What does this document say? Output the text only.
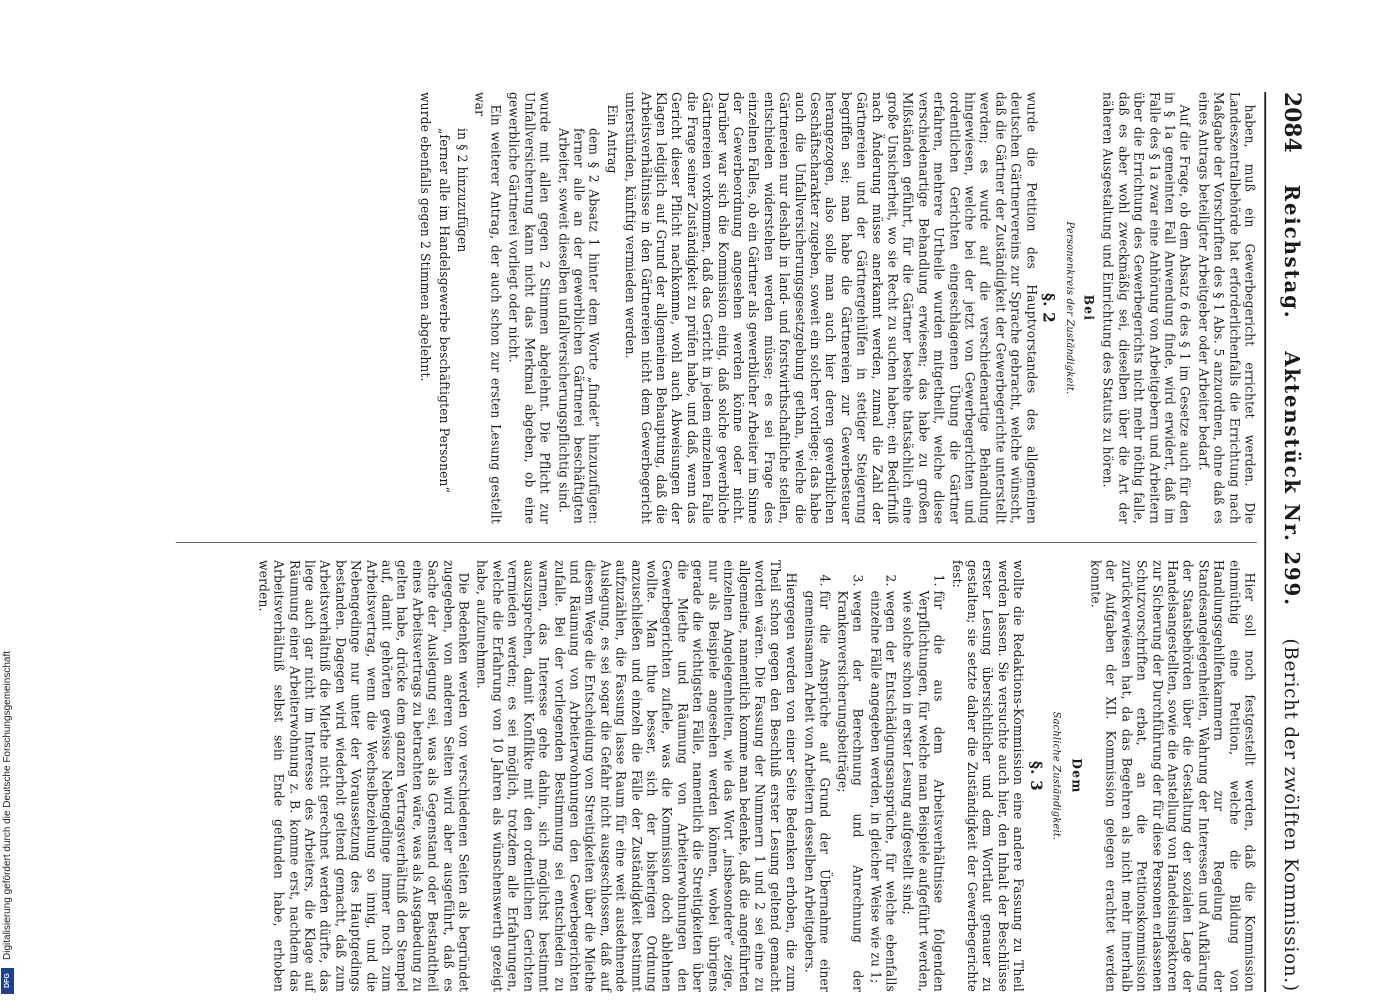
Digitalisierung gefördert durch die Deutsche Forschungsgemeinschaft
DFG
2084
Reichstag.
Aktenstück Nr. 299.
(Bericht der zwölften Kommission.)

haben, muß ein Gewerbegericht errichtet werden. Die Landeszentralbehörde hat erforderlichenfalls die Errichtung nach Maßgabe der Vorschriften des § 1 Abs. 5 anzuordnen, ohne daß es eines Antrags beteiligter Arbeitgeber oder Arbeiter bedarf.

Auf die Frage, ob dem Absatz 6 des § 1 im Gesetze auch für den in § 1a gemeinten Fall Anwendung finde, wird erwidert, daß im Falle des § 1a zwar eine Anhörung von Arbeitgebern und Arbeitern über die Errichtung des Gewerbegerichts nicht mehr nöthig falle, daß es aber wohl zweckmäßig sei, dieselben über die Art der näheren Ausgestaltung und Einrichtung des Statuts zu hören.

Bei

Personenkreis der Zuständigkeit.

§. 2

wurde die Petition des Hauptvorstandes des allgemeinen deutschen Gärtnervereins zur Sprache gebracht, welche wünscht, daß die Gärtner der Zuständigkeit der Gewerbegerichte unterstellt werden; es wurde auf die verschiedenartige Behandlung hingewiesen, welche bei der jetzt von Gewerbegerichten und ordentlichen Gerichten eingeschlagenen Übung die Gärtner erfahren, mehrere Urtheile wurden mitgetheilt, welche diese verschiedenartige Behandlung erwiesen; das habe zu großen Mißständen geführt, für die Gärtner bestehe thatsächlich eine große Unsicherheit, wo sie Recht zu suchen haben; ein Bedürfniß nach Änderung müsse anerkannt werden, zumal die Zahl der Gärtnereien und der Gärtnergehülfen in stetiger Steigerung begriffen sei; man habe die Gärtnereien zur Gewerbesteuer herangezogen, also solle man auch hier deren gewerblichen Geschäftscharakter zugeben, soweit ein solcher vorliege; das habe auch die Unfallversicherungsgesetzgebung gethan, welche die Gärtnereien nur deshalb in land- und forstwirthschaftliche stellen, entschieden widerstehen werden müsse; es sei Frage des einzelnen Falles, ob ein Gärtner als gewerblicher Arbeiter im Sinne der Gewerbeordnung angesehen werden könne oder nicht. Darüber war sich die Kommission einig, daß solche gewerbliche Gärtnereien vorkommen, daß das Gericht in jedem einzelnen Falle die Frage seiner Zuständigkeit zu prüfen habe, und daß, wenn das Gericht dieser Pflicht nachkomme, wohl auch Abweisungen der Klagen lediglich auf Grund der allgemeinen Behauptung, daß die Arbeitsverhältnisse in den Gärtnereien nicht dem Gewerbegericht unterstünden, künftig vermieden werden.

Ein Antrag

dem § 2 Absatz 1 hinter dem Worte „findet“ hinzuzufügen: ferner alle an der gewerblichen Gärtnerei beschäftigten Arbeiter, soweit dieselben unfallversicherungspflichtig sind.

wurde mit allen gegen 2 Stimmen abgelehnt. Die Pflicht zur Unfallversicherung kann nicht das Merkmal abgeben, ob eine gewerbliche Gärtnerei vorliegt oder nicht.

Ein weiterer Antrag, der auch schon zur ersten Lesung gestellt war

in § 2 hinzuzufügen

„ferner alle im Handelsgewerbe beschäftigten Personen“

wurde ebenfalls gegen 2 Stimmen abgelehnt.

Hier soll noch festgestellt werden, daß die Kommission einmüthig eine Petition, welche die Bildung von Handlungsgehilfenkammern zur Regelung der Standesangelegenheiten, Wahrung der Interessen und Aufklärung der Staatsbehörden über die Gestaltung der sozialen Lage der Handelsangestellten, sowie die Anstellung von Handelsinspektoren zur Sicherung der Durchführung der für diese Personen erlassenen Schutzvorschriften erbat, an die Petitionskommission zurückverwiesen hat, da das Begehren als nicht mehr innerhalb der Aufgaben der XII. Kommission gelegen erachtet werden konnte.

Dem

Sachliche Zuständigkeit.

§. 3

wollte die Redaktions-Kommission eine andere Fassung zu Theil werden lassen. Sie versuchte auch hier, den Inhalt der Beschlüsse erster Lesung übersichtlicher und dem Wortlaut genauer zu gestalten; sie setzte daher die Zuständigkeit der Gewerbegerichte fest:

1. für die aus dem Arbeitsverhältnisse folgenden Verpflichtungen, für welche man Beispiele aufgeführt werden, wie solche schon in erster Lesung aufgestellt sind;
2. wegen der Entschädigungsansprüche, für welche ebenfalls einzelne Fälle angegeben werden, in gleicher Weise wie zu 1;
3. wegen der Berechnung und Anrechnung der Krankenversicherungsbeiträge;
4. für die Ansprüche auf Grund der Übernahme einer gemeinsamen Arbeit von Arbeitern desselben Arbeitgebers.

Hiergegen werden von einer Seite Bedenken erhoben, die zum Theil schon gegen den Beschluß erster Lesung geltend gemacht worden wären. Die Fassung der Nummern 1 und 2 sei eine zu allgemeine, namentlich komme man bedenke, daß die angeführten einzelnen Angelegenheiten, wie das Wort „insbesondere“ zeige, nur als Beispiele angesehen werden können, wobei übrigens gerade die wichtigsten Fälle, namentlich die Streitigkeiten über die Miethe und Räumung von Arbeiterwohnungen den Gewerbegerichten zufiele, was die Kommission doch ablehnen wollte. Man thue besser, sich der bisherigen Ordnung anzuschließen und einzeln die Fälle der Zuständigkeit bestimmt aufzuzählen, die Fassung lasse Raum für eine weit ausdehnende Auslegung, es sei sogar die Gefahr nicht ausgeschlossen, daß auf diesem Wege die Entscheidung von Streitigkeiten über die Miethe und Räumung von Arbeiterwohnungen den Gewerbegerichten zufalle. Bei der vorliegenden Bestimmung sei entschieden zu warnen, das Interesse gehe dahin, sich möglichst bestimmt auszusprechen, damit Konflikte mit den ordentlichen Gerichten vermieden werden; es sei möglich, trotzdem alle Erfahrungen, welche die Erfahrung von 10 Jahren als wünschenswerth gezeigt habe, aufzunehmen.

Die Bedenken werden von verschiedenen Seiten als begründet zugegeben, von anderen Seiten wird aber ausgeführt, daß es Sache der Auslegung sei, was als Gegenstand oder Bestandtheil eines Arbeitsvertrags zu betrachten wäre, was als Ausgabedung zu gelten habe, drücke dem ganzen Vertragsverhältniß den Stempel auf, damit gehörten gewisse Nebengedinge immer noch zum Arbeitsvertrag, wenn die Wechselbeziehung so innig, und die Nebengedinge nur unter der Voraussetzung des Hauptgedings bestanden. Dagegen wird wiederholt geltend gemacht, daß zum Arbeitsverhältniß die Miethe nicht gerechnet werden dürfte, das liege auch gar nicht im Interesse des Arbeiters, die Klage auf Räumung einer Arbeiterwohnung z. B. komme erst, nachdem das Arbeitsverhältniß selbst sein Ende gefunden habe, erhoben werden.
